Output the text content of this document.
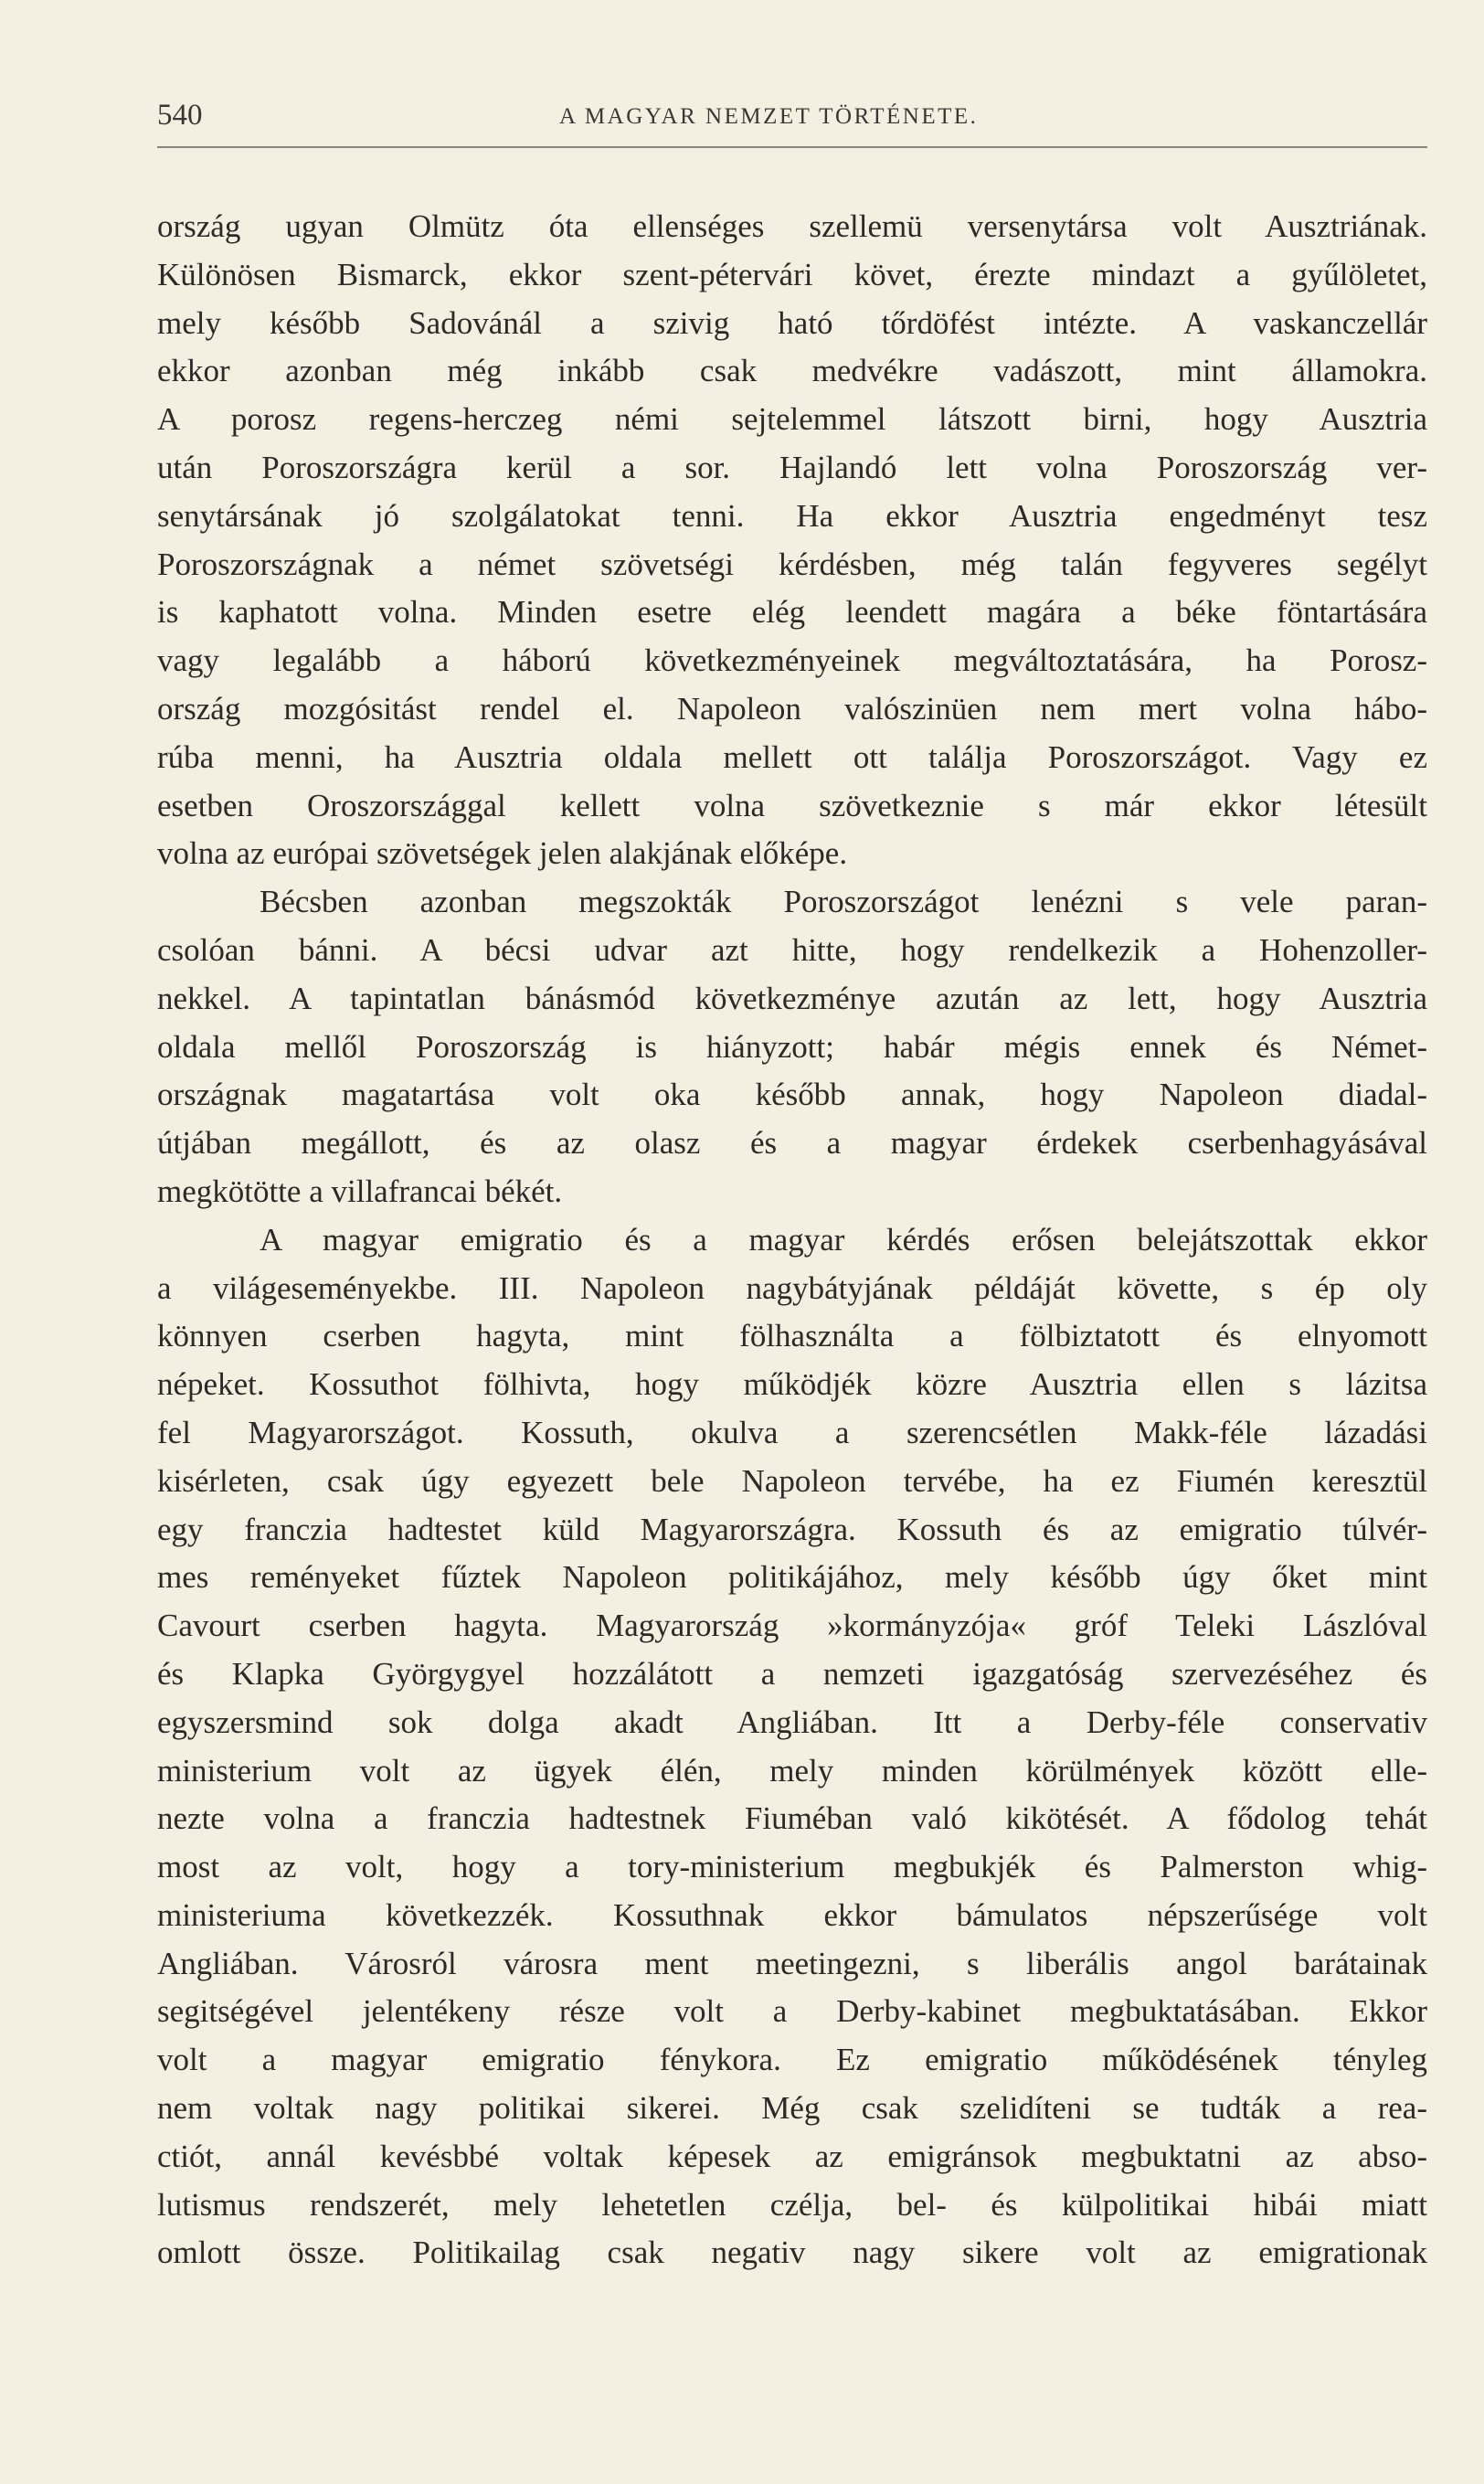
540	A MAGYAR NEMZET TÖRTÉNETE.
ország ugyan Olmütz óta ellenséges szellemü versenytársa volt Ausztriának.
Különösen Bismarck, ekkor szent-pétervári követ, érezte mindazt a gyűlöletet,
mely később Sadovánál a szivig ható tőrdöfést intézte. A vaskanczellár
ekkor azonban még inkább csak medvékre vadászott, mint államokra.
A porosz regens-herczeg némi sejtelemmel látszott birni, hogy Ausztria
után Poroszországra kerül a sor. Hajlandó lett volna Poroszország ver-
senytársának jó szolgálatokat tenni. Ha ekkor Ausztria engedményt tesz
Poroszországnak a német szövetségi kérdésben, még talán fegyveres segélyt
is kaphatott volna. Minden esetre elég leendett magára a béke föntartására
vagy legalább a háború következményeinek megváltoztatására, ha Porosz-
ország mozgósitást rendel el. Napoleon valószinüen nem mert volna hábo-
rúba menni, ha Ausztria oldala mellett ott találja Poroszországot. Vagy ez
esetben Oroszországgal kellett volna szövetkeznie s már ekkor létesült
volna az európai szövetségek jelen alakjának előképe.
Bécsben azonban megszokták Poroszországot lenézni s vele paran-
csolóan bánni. A bécsi udvar azt hitte, hogy rendelkezik a Hohenzoller-
nekkel. A tapintatlan bánásmód következménye azután az lett, hogy Ausztria
oldala mellől Poroszország is hiányzott; habár mégis ennek és Német-
országnak magatartása volt oka később annak, hogy Napoleon diadal-
útjában megállott, és az olasz és a magyar érdekek cserbenhagyásával
megkötötte a villafrancai békét.
A magyar emigratio és a magyar kérdés erősen belejátszottak ekkor
a világeseményekbe. III. Napoleon nagybátyjának példáját követte, s ép oly
könnyen cserben hagyta, mint fölhasználta a fölbiztatott és elnyomott
népeket. Kossuthot fölhivta, hogy működjék közre Ausztria ellen s lázitsa
fel Magyarországot. Kossuth, okulva a szerencsétlen Makk-féle lázadási
kisérleten, csak úgy egyezett bele Napoleon tervébe, ha ez Fiumén keresztül
egy franczia hadtestet küld Magyarországra. Kossuth és az emigratio túlvér-
mes reményeket fűztek Napoleon politikájához, mely később úgy őket mint
Cavourt cserben hagyta. Magyarország »kormányzója« gróf Teleki Lászlóval
és Klapka Györgygyel hozzálátott a nemzeti igazgatóság szervezéséhez és
egyszersmind sok dolga akadt Angliában. Itt a Derby-féle conservativ
ministerium volt az ügyek élén, mely minden körülmények között elle-
nezte volna a franczia hadtestnek Fiuméban való kikötését. A fődolog tehát
most az volt, hogy a tory-ministerium megbukjék és Palmerston whig-
ministeriuma következzék. Kossuthnak ekkor bámulatos népszerűsége volt
Angliában. Városról városra ment meetingezni, s liberális angol barátainak
segitségével jelentékeny része volt a Derby-kabinet megbuktatásában. Ekkor
volt a magyar emigratio fénykora. Ez emigratio működésének tényleg
nem voltak nagy politikai sikerei. Még csak szelidíteni se tudták a rea-
ctiót, annál kevésbbé voltak képesek az emigránsok megbuktatni az abso-
lutismus rendszerét, mely lehetetlen czélja, bel- és külpolitikai hibái miatt
omlott össze. Politikailag csak negativ nagy sikere volt az emigrationak
